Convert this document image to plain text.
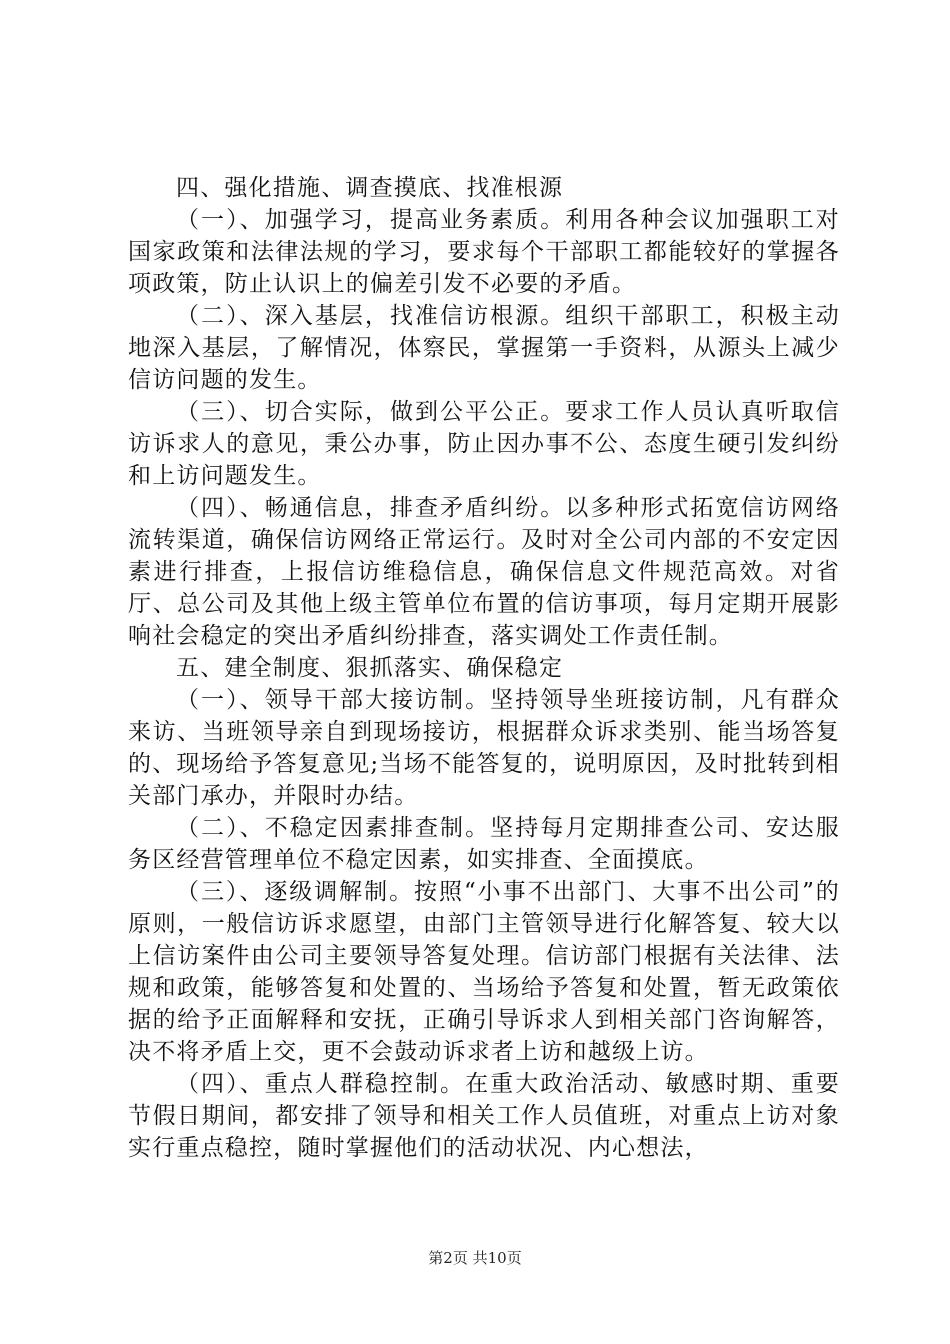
四、强化措施、调查摸底、找准根源

（一）、加强学习，提高业务素质。利用各种会议加强职工对国家政策和法律法规的学习，要求每个干部职工都能较好的掌握各项政策，防止认识上的偏差引发不必要的矛盾。

（二）、深入基层，找准信访根源。组织干部职工，积极主动地深入基层，了解情况，体察民，掌握第一手资料，从源头上减少信访问题的发生。

（三）、切合实际，做到公平公正。要求工作人员认真听取信访诉求人的意见，秉公办事，防止因办事不公、态度生硬引发纠纷和上访问题发生。

（四）、畅通信息，排查矛盾纠纷。以多种形式拓宽信访网络流转渠道，确保信访网络正常运行。及时对全公司内部的不安定因素进行排查，上报信访维稳信息，确保信息文件规范高效。对省厅、总公司及其他上级主管单位布置的信访事项，每月定期开展影响社会稳定的突出矛盾纠纷排查，落实调处工作责任制。

五、建全制度、狠抓落实、确保稳定

（一）、领导干部大接访制。坚持领导坐班接访制，凡有群众来访、当班领导亲自到现场接访，根据群众诉求类别、能当场答复的、现场给予答复意见;当场不能答复的，说明原因，及时批转到相关部门承办，并限时办结。

（二）、不稳定因素排查制。坚持每月定期排查公司、安达服务区经营管理单位不稳定因素，如实排查、全面摸底。

（三）、逐级调解制。按照“小事不出部门、大事不出公司”的原则，一般信访诉求愿望，由部门主管领导进行化解答复、较大以上信访案件由公司主要领导答复处理。信访部门根据有关法律、法规和政策，能够答复和处置的、当场给予答复和处置，暂无政策依据的给予正面解释和安抚，正确引导诉求人到相关部门咨询解答，决不将矛盾上交，更不会鼓动诉求者上访和越级上访。

（四）、重点人群稳控制。在重大政治活动、敏感时期、重要节假日期间，都安排了领导和相关工作人员值班，对重点上访对象实行重点稳控，随时掌握他们的活动状况、内心想法，

第2页 共10页
